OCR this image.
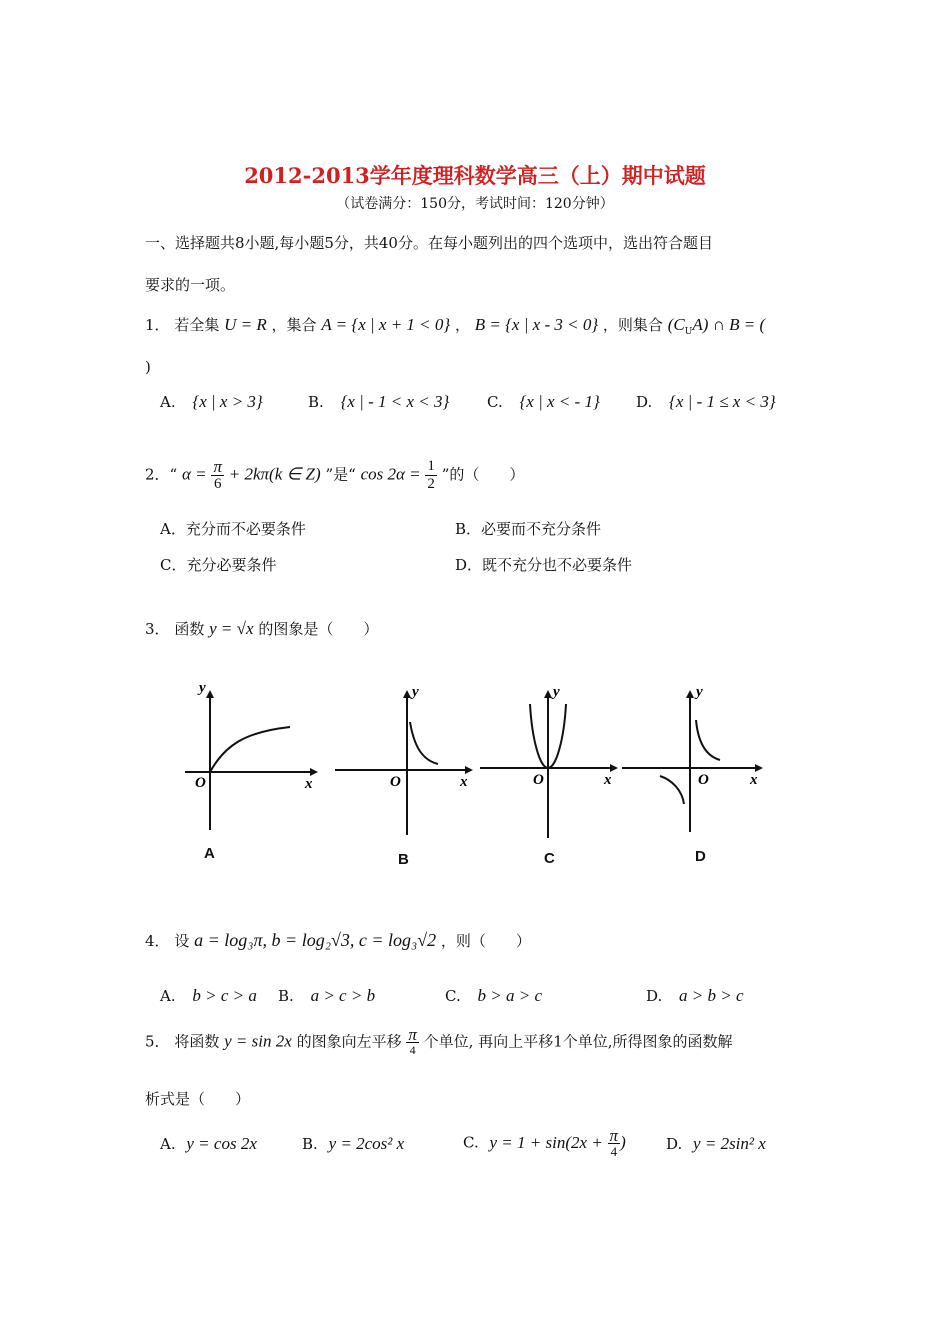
2012-2013学年度理科数学高三（上）期中试题
（试卷满分：150分，考试时间：120分钟）
一、选择题共8小题,每小题5分，共40分。在每小题列出的四个选项中，选出符合题目
要求的一项。
1． 若全集 U = R ，集合 A = {x | x + 1 < 0} ， B = {x | x - 3 < 0} ，则集合 $(C_UA)$ ∩ B = (
)
A. {x | x > 3}	B. {x | - 1 < x < 3}	C. {x | x < - 1} D. {x | - 1 ≤ x < 3}
2．“ $\alpha = \frac{\pi}{6} + 2k\pi(k$ ∈ Z) ”是“ $\cos 2\alpha = \frac{1}{2}$ ”的（　　）
A．充分而不必要条件	B．必要而不充分条件
C．充分必要条件	D．既不充分也不必要条件
3． 函数 y = √x 的图象是（　　）
y
x
O
A
y
x
O
B
y
x
O
C
y
x
O
D
4． 设 a = log₃π, b = log₂√3, c = log₃√2 ，则（　　）
A. b > c > a B. a > c > b	C. b > a > c	D. a > b > c
5． 将函数 y = sin 2x 的图象向左平移 $\frac{\pi}{4}$ 个单位, 再向上平移1个单位,所得图象的函数解
析式是（　　）
A. y = cos 2x	B. y = 2cos² x	C. $y = 1 + \sin(2x + \frac{\pi}{4}$ )	D. y = 2sin² x
